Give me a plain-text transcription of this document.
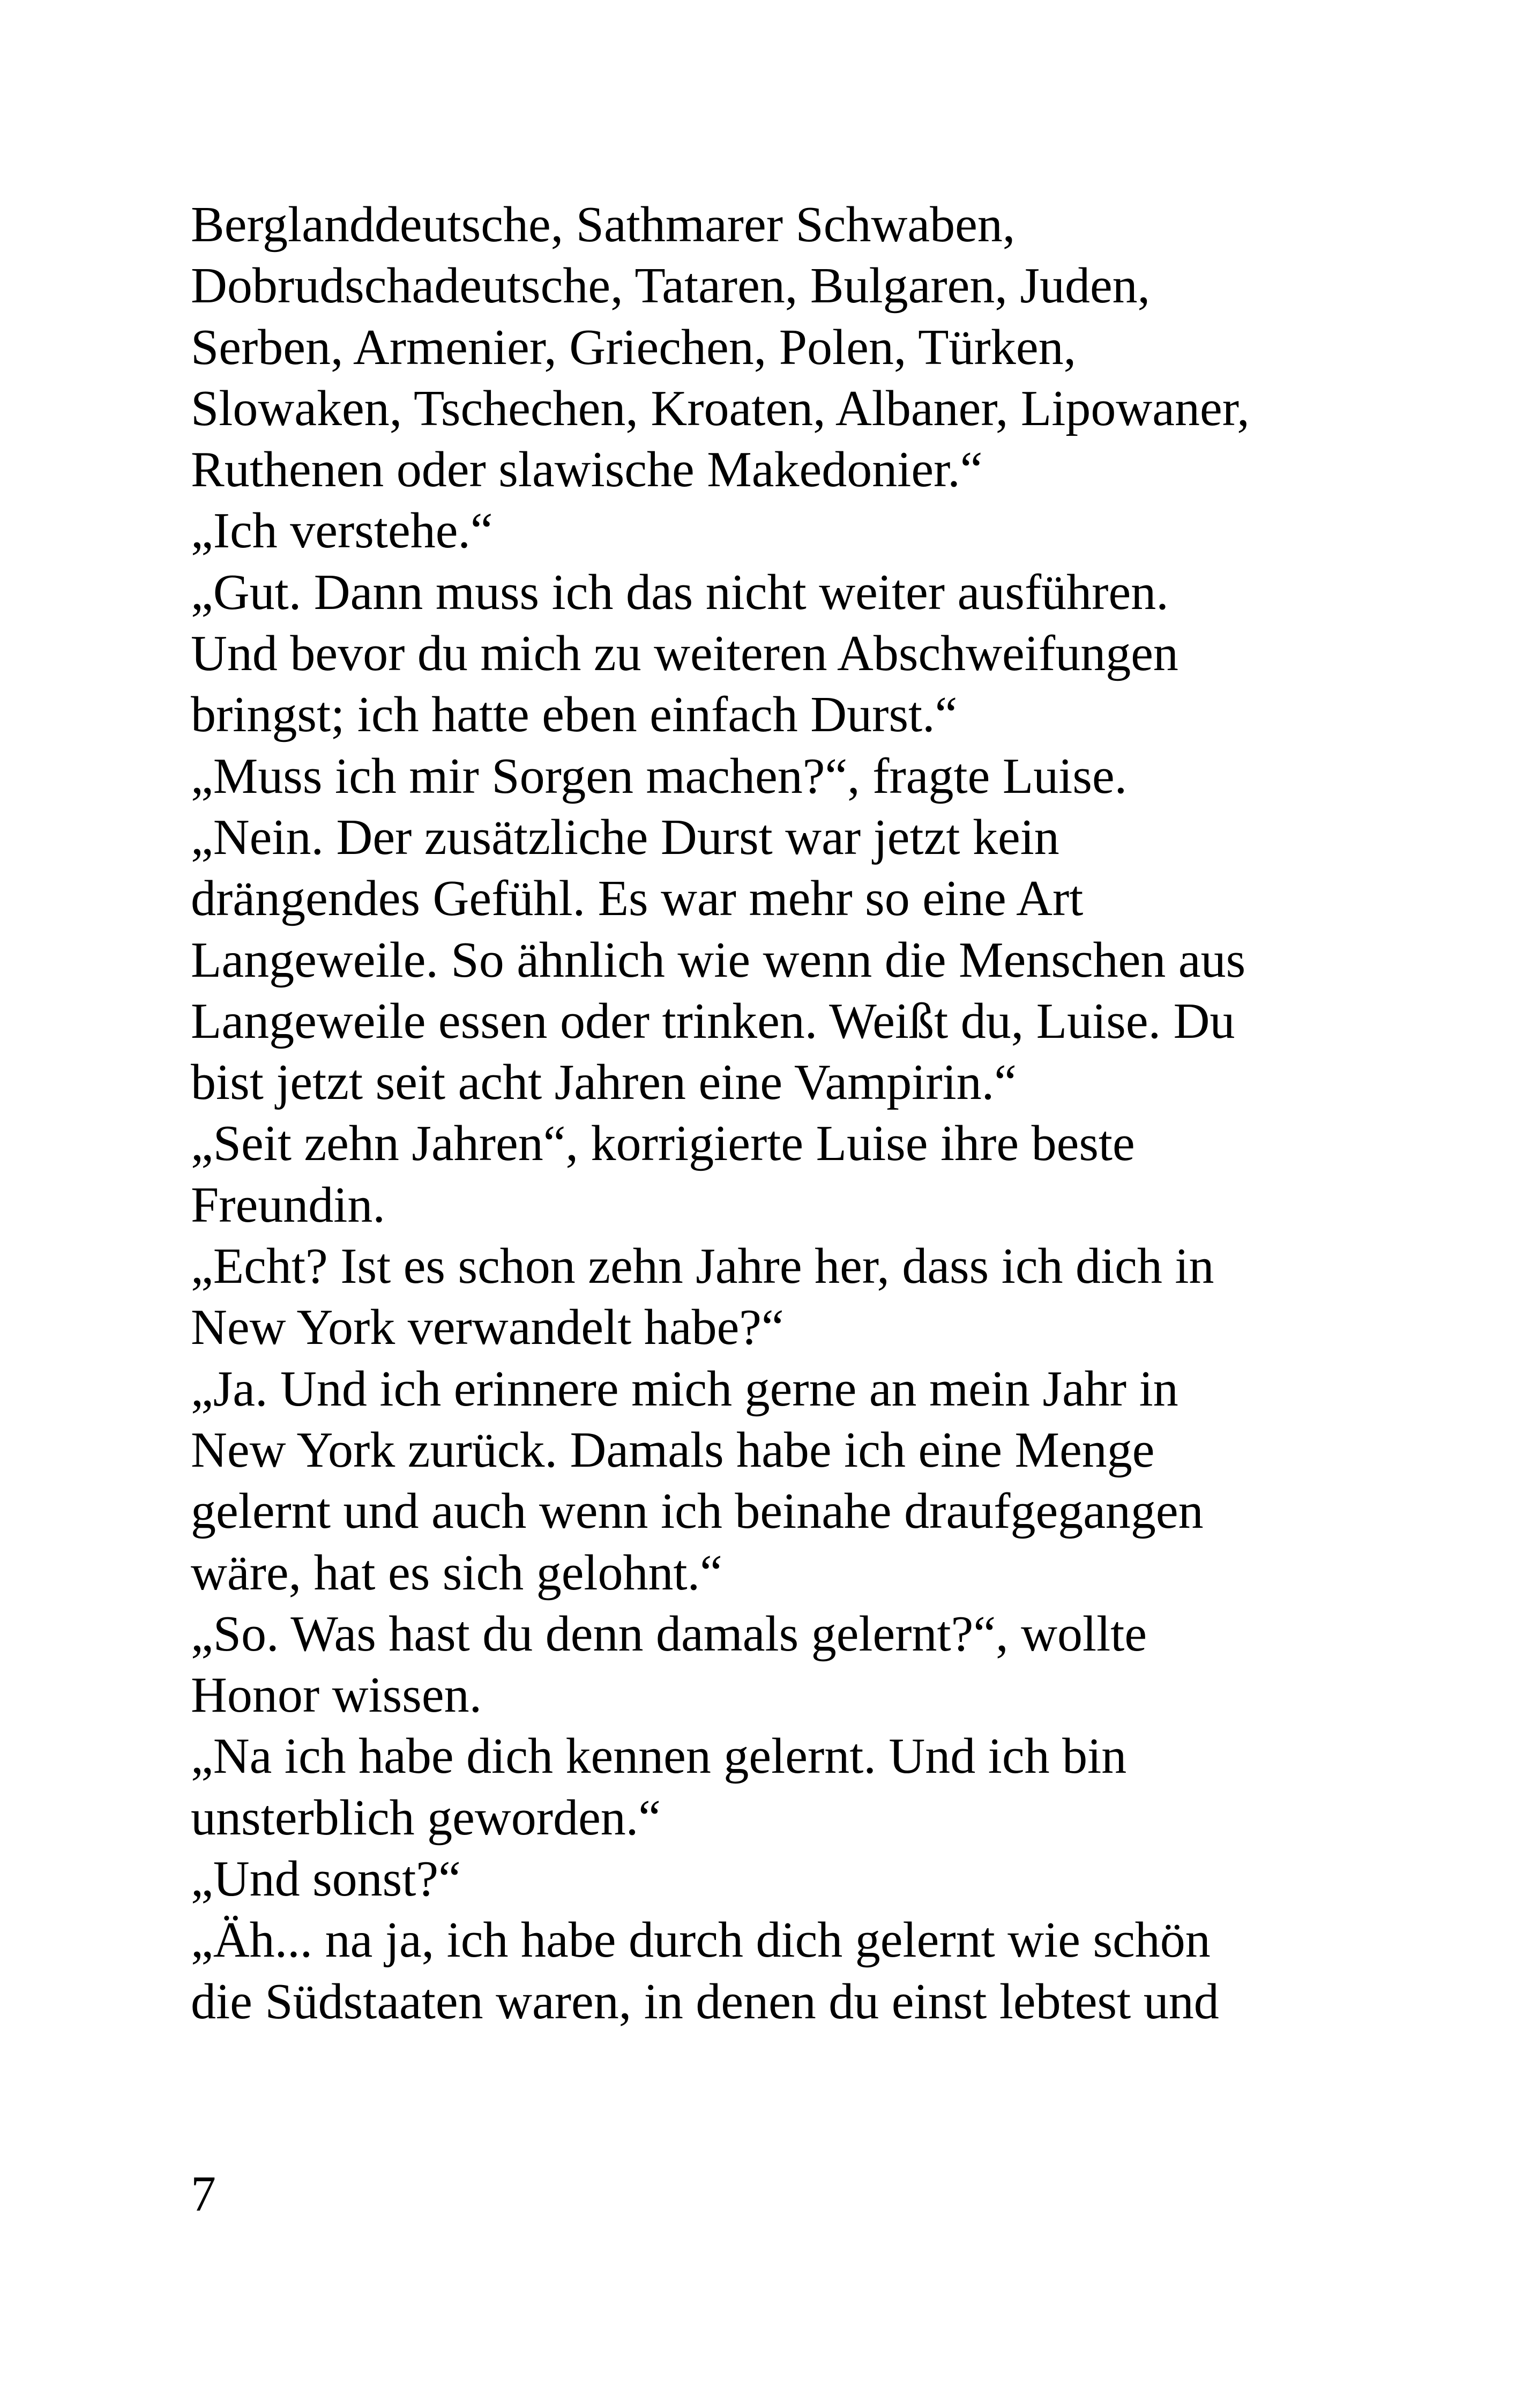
Berglanddeutsche, Sathmarer Schwaben,
Dobrudschadeutsche, Tataren, Bulgaren, Juden,
Serben, Armenier, Griechen, Polen, Türken,
Slowaken, Tschechen, Kroaten, Albaner, Lipowaner,
Ruthenen oder slawische Makedonier.“
„Ich verstehe.“
„Gut. Dann muss ich das nicht weiter ausführen.
Und bevor du mich zu weiteren Abschweifungen
bringst; ich hatte eben einfach Durst.“
„Muss ich mir Sorgen machen?“, fragte Luise.
„Nein. Der zusätzliche Durst war jetzt kein
drängendes Gefühl. Es war mehr so eine Art
Langeweile. So ähnlich wie wenn die Menschen aus
Langeweile essen oder trinken. Weißt du, Luise. Du
bist jetzt seit acht Jahren eine Vampirin.“
„Seit zehn Jahren“, korrigierte Luise ihre beste
Freundin.
„Echt? Ist es schon zehn Jahre her, dass ich dich in
New York verwandelt habe?“
„Ja. Und ich erinnere mich gerne an mein Jahr in
New York zurück. Damals habe ich eine Menge
gelernt und auch wenn ich beinahe draufgegangen
wäre, hat es sich gelohnt.“
„So. Was hast du denn damals gelernt?“, wollte
Honor wissen.
„Na ich habe dich kennen gelernt. Und ich bin
unsterblich geworden.“
„Und sonst?“
„Äh... na ja, ich habe durch dich gelernt wie schön
die Südstaaten waren, in denen du einst lebtest und
7
